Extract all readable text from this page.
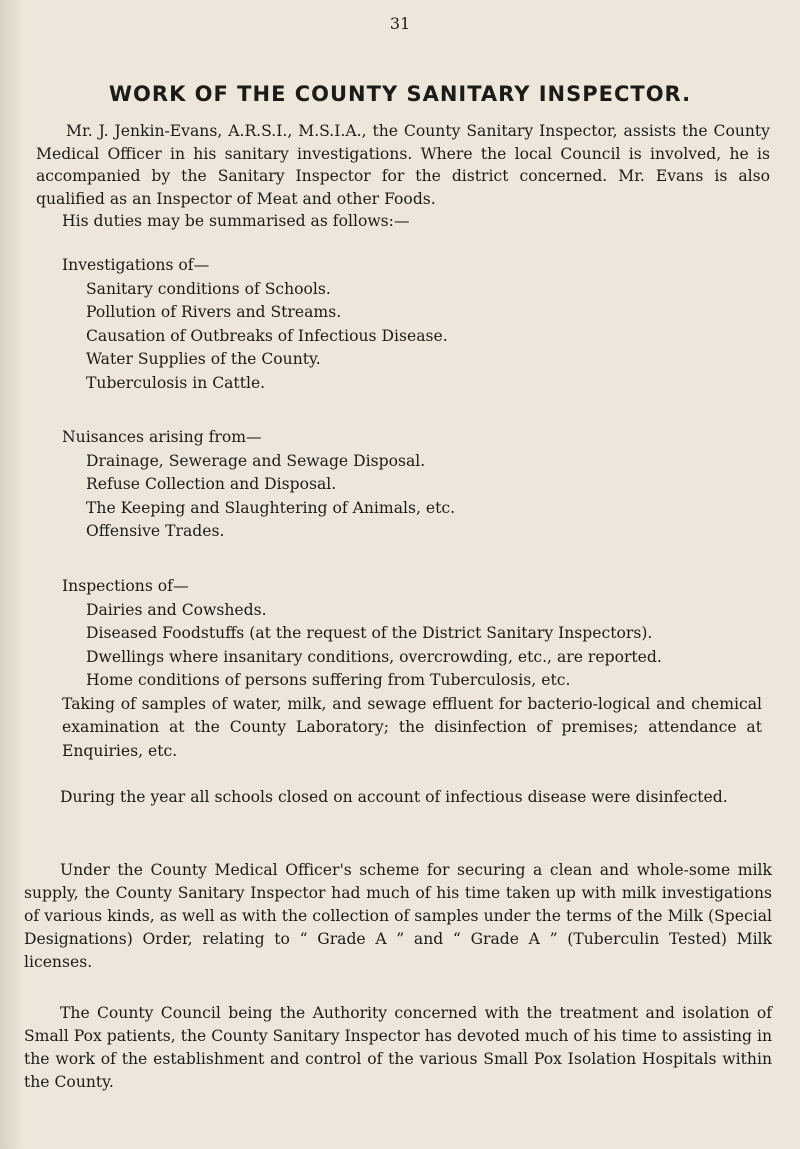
31
WORK OF THE COUNTY SANITARY INSPECTOR.

Mr. J. Jenkin-Evans, A.R.S.I., M.S.I.A., the County Sanitary Inspector, assists the County Medical Officer in his sanitary investigations. Where the local Council is involved, he is accompanied by the Sanitary Inspector for the district concerned. Mr. Evans is also qualified as an Inspector of Meat and other Foods.

His duties may be summarised as follows:—

Investigations of—

Sanitary conditions of Schools.

Pollution of Rivers and Streams.

Causation of Outbreaks of Infectious Disease.

Water Supplies of the County.

Tuberculosis in Cattle.

Nuisances arising from—

Drainage, Sewerage and Sewage Disposal.

Refuse Collection and Disposal.

The Keeping and Slaughtering of Animals, etc.

Offensive Trades.

Inspections of—

Dairies and Cowsheds.

Diseased Foodstuffs (at the request of the District Sanitary Inspectors).

Dwellings where insanitary conditions, overcrowding, etc., are reported.

Home conditions of persons suffering from Tuberculosis, etc.

Taking of samples of water, milk, and sewage effluent for bacterio-logical and chemical examination at the County Laboratory; the disinfection of premises; attendance at Enquiries, etc.

During the year all schools closed on account of infectious disease were disinfected.

Under the County Medical Officer's scheme for securing a clean and whole-some milk supply, the County Sanitary Inspector had much of his time taken up with milk investigations of various kinds, as well as with the collection of samples under the terms of the Milk (Special Designations) Order, relating to “ Grade A ” and “ Grade A ” (Tuberculin Tested) Milk licenses.

The County Council being the Authority concerned with the treatment and isolation of Small Pox patients, the County Sanitary Inspector has devoted much of his time to assisting in the work of the establishment and control of the various Small Pox Isolation Hospitals within the County.
